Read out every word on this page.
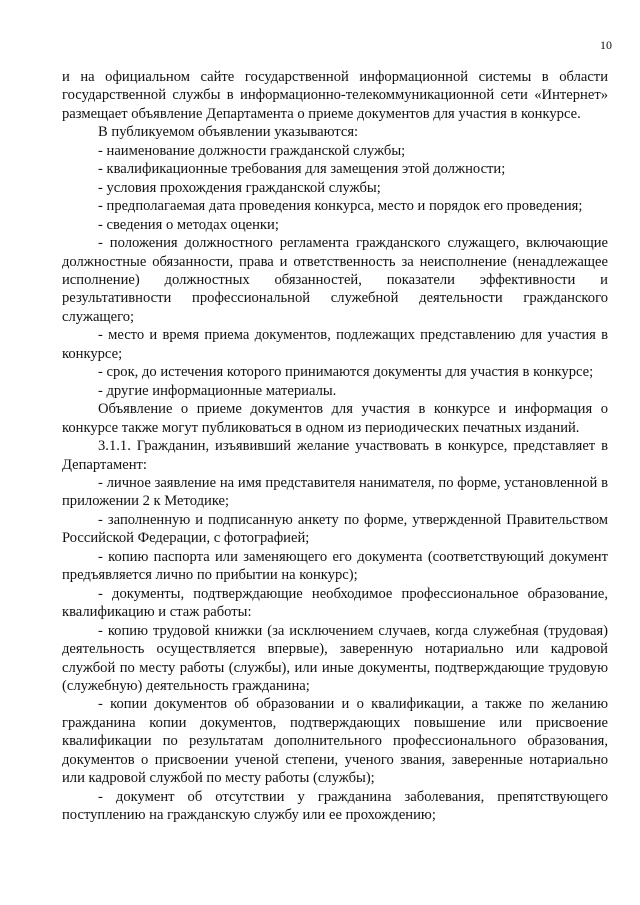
10

и на официальном сайте государственной информационной системы в области государственной службы в информационно-телекоммуникационной сети «Интернет» размещает объявление Департамента о приеме документов для участия в конкурсе.

В публикуемом объявлении указываются:

- наименование должности гражданской службы;

- квалификационные требования для замещения этой должности;

- условия прохождения гражданской службы;

- предполагаемая дата проведения конкурса, место и порядок его проведения;

- сведения о методах оценки;

- положения должностного регламента гражданского служащего, включающие должностные обязанности, права и ответственность за неисполнение (ненадлежащее исполнение) должностных обязанностей, показатели эффективности и результативности профессиональной служебной деятельности гражданского служащего;

- место и время приема документов, подлежащих представлению для участия в конкурсе;

- срок, до истечения которого принимаются документы для участия в конкурсе;

- другие информационные материалы.

Объявление о приеме документов для участия в конкурсе и информация о конкурсе также могут публиковаться в одном из периодических печатных изданий.

3.1.1. Гражданин, изъявивший желание участвовать в конкурсе, представляет в Департамент:

- личное заявление на имя представителя нанимателя, по форме, установленной в приложении 2 к Методике;

- заполненную и подписанную анкету по форме, утвержденной Правительством Российской Федерации, с фотографией;

- копию паспорта или заменяющего его документа (соответствующий документ предъявляется лично по прибытии на конкурс);

- документы, подтверждающие необходимое профессиональное образование, квалификацию и стаж работы:

- копию трудовой книжки (за исключением случаев, когда служебная (трудовая) деятельность осуществляется впервые), заверенную нотариально или кадровой службой по месту работы (службы), или иные документы, подтверждающие трудовую (служебную) деятельность гражданина;

- копии документов об образовании и о квалификации, а также по желанию гражданина копии документов, подтверждающих повышение или присвоение квалификации по результатам дополнительного профессионального образования, документов о присвоении ученой степени, ученого звания, заверенные нотариально или кадровой службой по месту работы (службы);

- документ об отсутствии у гражданина заболевания, препятствующего поступлению на гражданскую службу или ее прохождению;
